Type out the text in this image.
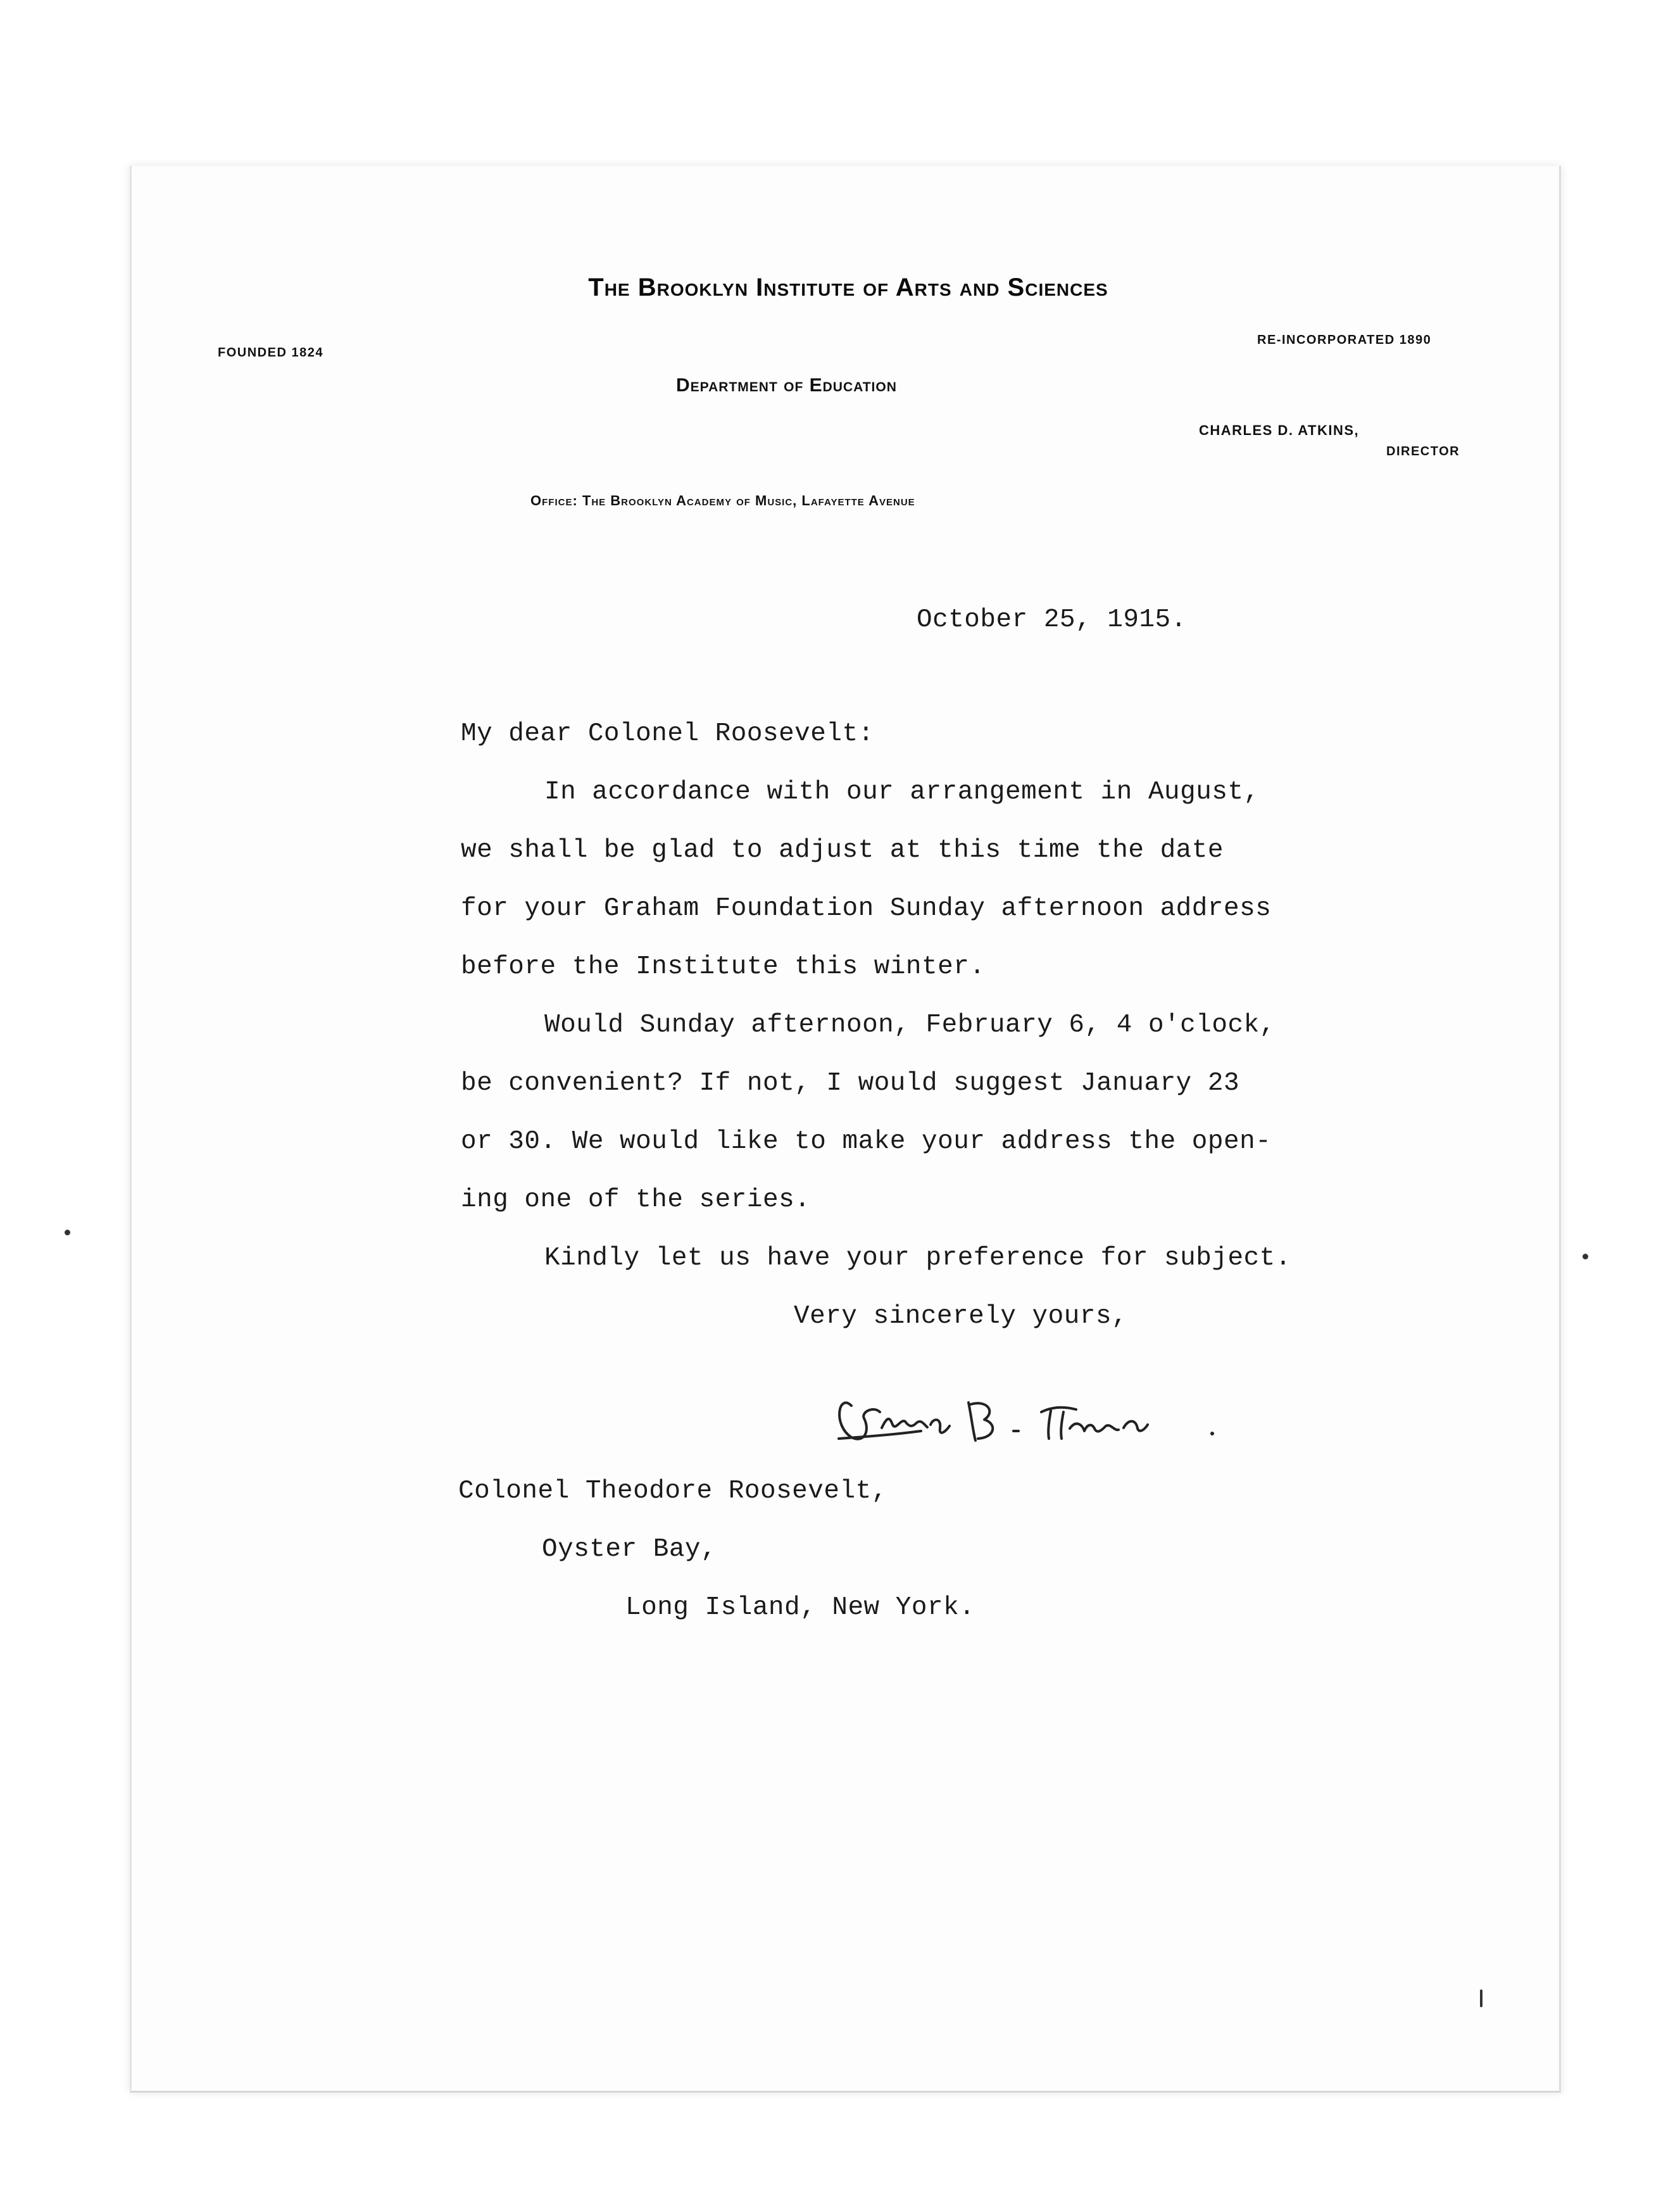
The Brooklyn Institute of Arts and Sciences
FOUNDED 1824
RE-INCORPORATED 1890
Department of Education
CHARLES D. ATKINS,
DIRECTOR
Office: The Brooklyn Academy of Music, Lafayette Avenue
October 25, 1915.
My dear Colonel Roosevelt:
In accordance with our arrangement in August,
we shall be glad to adjust at this time the date
for your Graham Foundation Sunday afternoon address
before the Institute this winter.
Would Sunday afternoon, February 6, 4 o'clock,
be convenient? If not, I would suggest January 23
or 30. We would like to make your address the open-
ing one of the series.
Kindly let us have your preference for subject.
Very sincerely yours,
Colonel Theodore Roosevelt,
Oyster Bay,
Long Island, New York.
